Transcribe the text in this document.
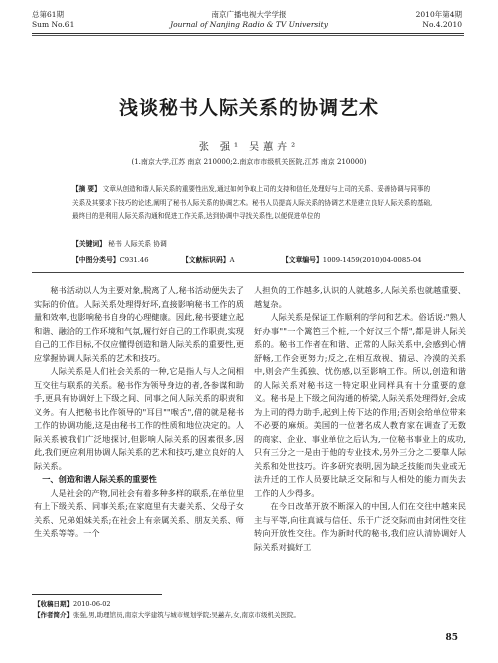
总第61期
Sum No.61
南京广播电视大学学报
Journal of Nanjing Radio & TV University
2010年第4期
No.4.2010
浅谈秘书人际关系的协调艺术
张 强¹ 吴蕙卉²
(1.南京大学,江苏 南京 210000;2.南京市市级机关医院,江苏 南京 210000)
【摘 要】 文章从创造和谐人际关系的重要性出发,通过如何争取上司的支持和信任,处理好与上司的关系、妥善协调与同事的关系及其要求下技巧的论述,阐明了秘书人际关系的协调艺术。秘书人员提高人际关系的协调艺术是建立良好人际关系的基础,最终目的是利用人际关系沟通和促进工作关系,达到协调中寻找关系性,以便促进单位的
【关键词】 秘书 人际关系 协调
【中图分类号】C931.46	【文献标识码】A	【文章编号】1009-1459(2010)04-0085-04

秘书活动以人为主要对象,脱离了人,秘书活动便失去了实际的价值。人际关系处理得好坏,直接影响秘书工作的质量和效率,也影响秘书自身的心理健康。因此,秘书要建立起和谐、融洽的工作环境和气氛,履行好自己的工作职责,实现自己的工作目标,不仅应懂得创造和谐人际关系的重要性,更应掌握协调人际关系的艺术和技巧。

人际关系是人们社会关系的一种,它是指人与人之间相互交往与联系的关系。秘书作为领导身边的者,各参谋和助手,更具有协调好上下级之间、同事之间人际关系的职责和义务。有人把秘书比作领导的"耳目""喉舌",借的就是秘书工作的协调功能,这是由秘书工作的性质和地位决定的。人际关系被我们广泛地探讨,但影响人际关系的因素很多,因此,我们更应利用协调人际关系的艺术和技巧,建立良好的人际关系。

一、创造和谐人际关系的重要性

人是社会的产物,同社会有着多种多样的联系,在单位里有上下级关系、同事关系;在家庭里有夫妻关系、父母子女关系、兄弟姐妹关系;在社会上有亲属关系、朋友关系、师生关系等等。一个

人担负的工作越多,认识的人就越多,人际关系也就越重要、越复杂。

人际关系是保证工作顺利的学问和艺术。俗话说:"熟人好办事""一个篱笆三个桩,一个好汉三个帮",都是讲人际关系的。秘书工作者在和谐、正常的人际关系中,会感到心情舒畅,工作会更努力;反之,在相互敌视、猜忌、冷漠的关系中,则会产生孤独、忧伤感,以至影响工作。所以,创造和谐的人际关系对秘书这一特定职业同样具有十分重要的意义。秘书是上下级之间沟通的桥梁,人际关系处理得好,会成为上司的得力助手,起到上传下达的作用;否则会给单位带来不必要的麻烦。美国的一位著名成人教育家在调查了无数的商家、企业、事业单位之后认为,一位秘书事业上的成功,只有三分之一是由于他的专业技术,另外三分之二要靠人际关系和处世技巧。许多研究表明,因为缺乏技能而失业或无法升迁的工作人员要比缺乏交际和与人相处的能力而失去工作的人少得多。

在今日改革开放不断深入的中国,人们在交往中越来民主与平等,向往真诚与信任、乐于广泛交际而由封闭性交往转向开放性交往。作为新时代的秘书,我们应认清协调好人际关系对搞好工

【收稿日期】2010-06-02
【作者简介】张强,男,助理馆员,南京大学建筑与城市规划学院;吴蕙卉,女,南京市级机关医院。
85
